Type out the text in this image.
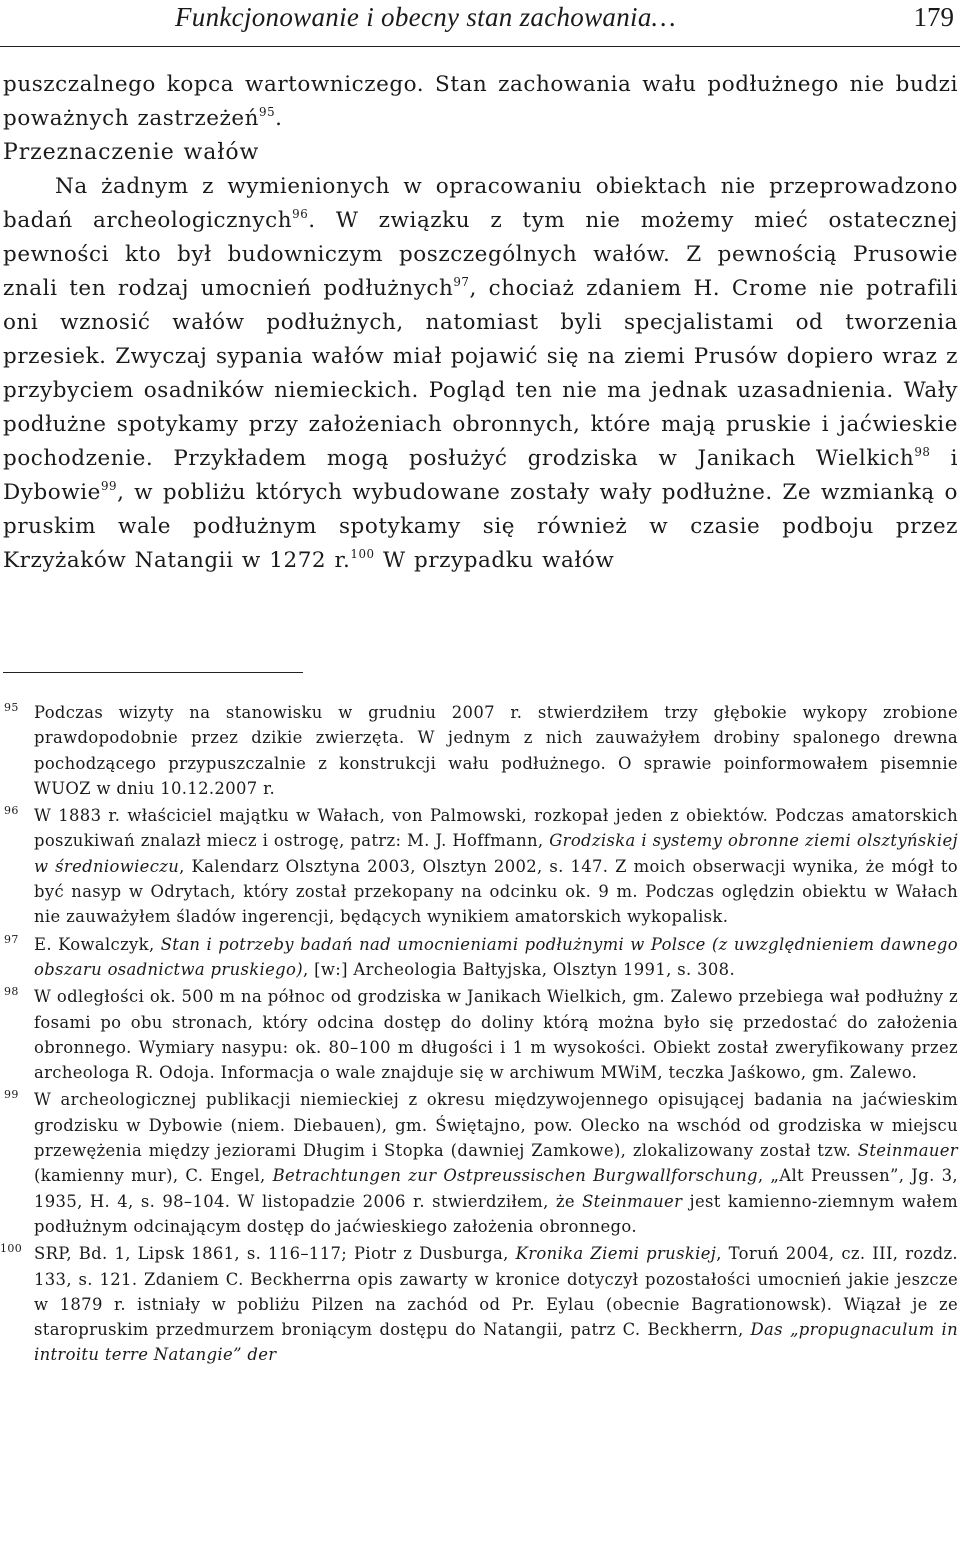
Funkcjonowanie i obecny stan zachowania…	179

puszczalnego kopca wartowniczego. Stan zachowania wału podłużnego nie budzi poważnych zastrzeżeń$^{95}$.

Przeznaczenie wałów

Na żadnym z wymienionych w opracowaniu obiektach nie przeprowadzono badań archeologicznych$^{96}$. W związku z tym nie możemy mieć ostatecznej pewności kto był budowniczym poszczególnych wałów. Z pewnością Prusowie znali ten rodzaj umocnień podłużnych$^{97}$, chociaż zdaniem H. Crome nie potrafili oni wznosić wałów podłużnych, natomiast byli specjalistami od tworzenia przesiek. Zwyczaj sypania wałów miał pojawić się na ziemi Prusów dopiero wraz z przybyciem osadników niemieckich. Pogląd ten nie ma jednak uzasadnienia. Wały podłużne spotykamy przy założeniach obronnych, które mają pruskie i jaćwieskie pochodzenie. Przykładem mogą posłużyć grodziska w Janikach Wielkich$^{98}$ i Dybowie$^{99}$, w pobliżu których wybudowane zostały wały podłużne. Ze wzmianką o pruskim wale podłużnym spotykamy się również w czasie podboju przez Krzyżaków Natangii w 1272 r.$^{100}$ W przypadku wałów

95 Podczas wizyty na stanowisku w grudniu 2007 r. stwierdziłem trzy głębokie wykopy zrobione prawdopodobnie przez dzikie zwierzęta. W jednym z nich zauważyłem drobiny spalonego drewna pochodzącego przypuszczalnie z konstrukcji wału podłużnego. O sprawie poinformowałem pisemnie WUOZ w dniu 10.12.2007 r.
96 W 1883 r. właściciel majątku w Wałach, von Palmowski, rozkopał jeden z obiektów. Podczas amatorskich poszukiwań znalazł miecz i ostrogę, patrz: M. J. Hoffmann, Grodziska i systemy obronne ziemi olsztyńskiej w średniowieczu, Kalendarz Olsztyna 2003, Olsztyn 2002, s. 147. Z moich obserwacji wynika, że mógł to być nasyp w Odrytach, który został przekopany na odcinku ok. 9 m. Podczas oględzin obiektu w Wałach nie zauważyłem śladów ingerencji, będących wynikiem amatorskich wykopalisk.
97 E. Kowalczyk, Stan i potrzeby badań nad umocnieniami podłużnymi w Polsce (z uwzględnieniem dawnego obszaru osadnictwa pruskiego), [w:] Archeologia Bałtyjska, Olsztyn 1991, s. 308.
98 W odległości ok. 500 m na północ od grodziska w Janikach Wielkich, gm. Zalewo przebiega wał podłużny z fosami po obu stronach, który odcina dostęp do doliny którą można było się przedostać do założenia obronnego. Wymiary nasypu: ok. 80–100 m długości i 1 m wysokości. Obiekt został zweryfikowany przez archeologa R. Odoja. Informacja o wale znajduje się w archiwum MWiM, teczka Jaśkowo, gm. Zalewo.
99 W archeologicznej publikacji niemieckiej z okresu międzywojennego opisującej badania na jaćwieskim grodzisku w Dybowie (niem. Diebauen), gm. Świętajno, pow. Olecko na wschód od grodziska w miejscu przewężenia między jeziorami Długim i Stopka (dawniej Zamkowe), zlokalizowany został tzw. Steinmauer (kamienny mur), C. Engel, Betrachtungen zur Ostpreussischen Burgwallforschung, „Alt Preussen”, Jg. 3, 1935, H. 4, s. 98–104. W listopadzie 2006 r. stwierdziłem, że Steinmauer jest kamienno-ziemnym wałem podłużnym odcinającym dostęp do jaćwieskiego założenia obronnego.
100 SRP, Bd. 1, Lipsk 1861, s. 116–117; Piotr z Dusburga, Kronika Ziemi pruskiej, Toruń 2004, cz. III, rozdz. 133, s. 121. Zdaniem C. Beckherrna opis zawarty w kronice dotyczył pozostałości umocnień jakie jeszcze w 1879 r. istniały w pobliżu Pilzen na zachód od Pr. Eylau (obecnie Bagrationowsk). Wiązał je ze staropruskim przedmurzem broniącym dostępu do Natangii, patrz C. Beckherrn, Das „propugnaculum in introitu terre Natangie” der
